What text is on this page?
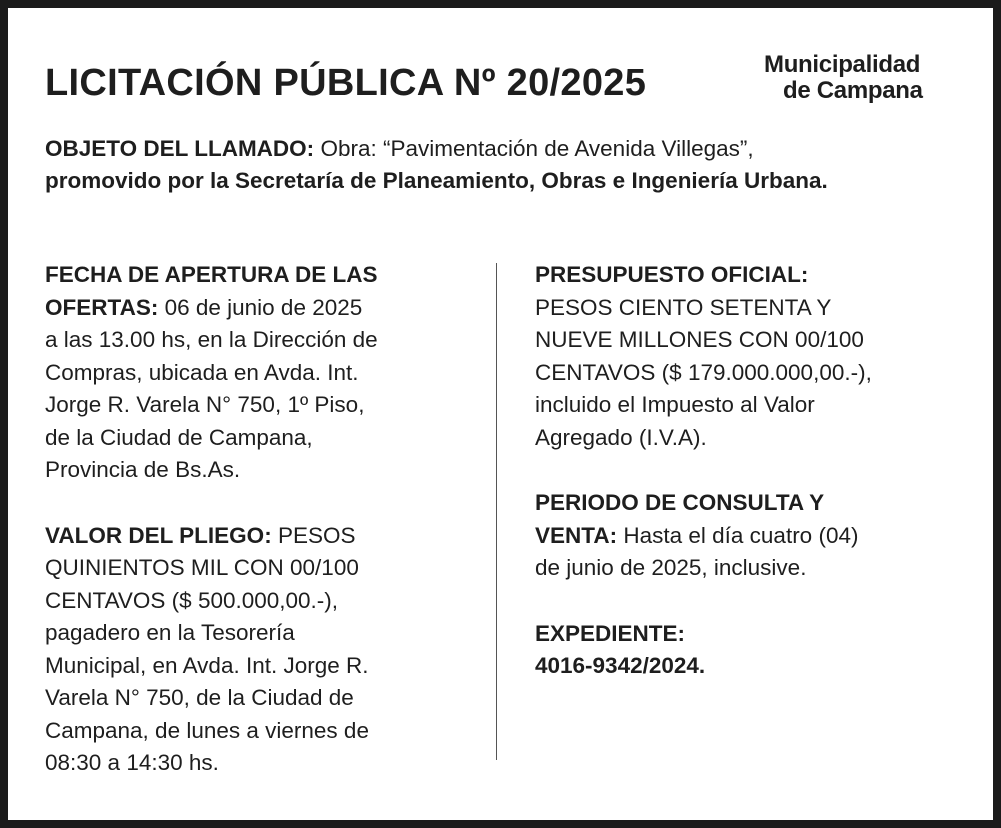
LICITACIÓN PÚBLICA Nº 20/2025	Municipalidad
de Campana

OBJETO DEL LLAMADO: Obra: “Pavimentación de Avenida Villegas”,
promovido por la Secretaría de Planeamiento, Obras e Ingeniería Urbana.

FECHA DE APERTURA DE LAS
OFERTAS: 06 de junio de 2025
a las 13.00 hs, en la Dirección de
Compras, ubicada en Avda. Int.
Jorge R. Varela N° 750, 1º Piso,
de la Ciudad de Campana,
Provincia de Bs.As.

VALOR DEL PLIEGO: PESOS
QUINIENTOS MIL CON 00/100
CENTAVOS ($ 500.000,00.-),
pagadero en la Tesorería
Municipal, en Avda. Int. Jorge R.
Varela N° 750, de la Ciudad de
Campana, de lunes a viernes de
08:30 a 14:30 hs.

PRESUPUESTO OFICIAL:
PESOS CIENTO SETENTA Y
NUEVE MILLONES CON 00/100
CENTAVOS ($ 179.000.000,00.-),
incluido el Impuesto al Valor
Agregado (I.V.A).

PERIODO DE CONSULTA Y
VENTA: Hasta el día cuatro (04)
de junio de 2025, inclusive.

EXPEDIENTE:
4016-9342/2024.
